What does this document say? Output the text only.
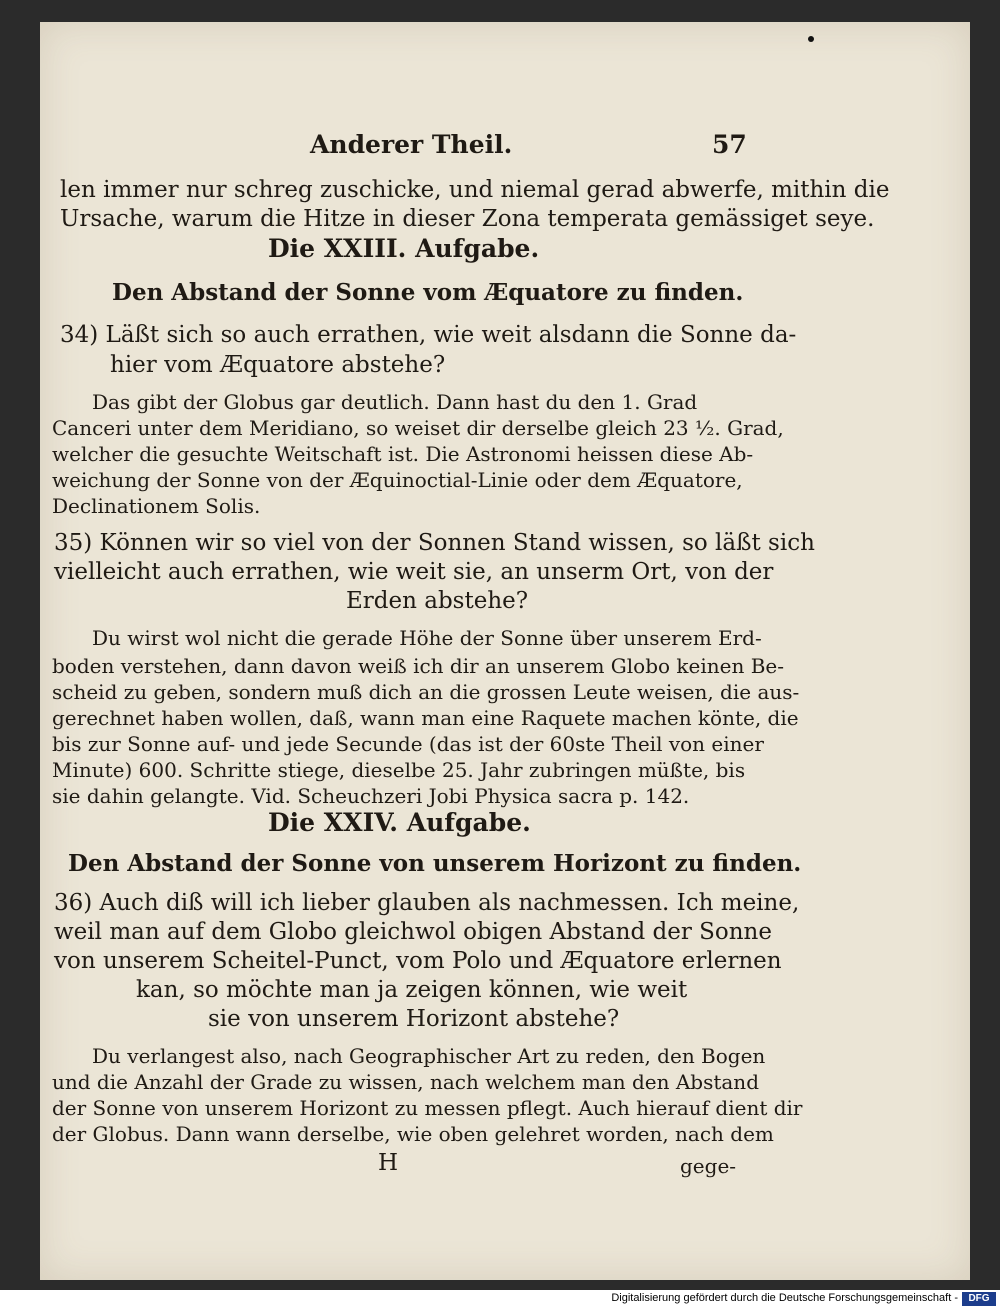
Anderer Theil.	57
len immer nur schreg zuschicke, und niemal gerad abwerfe, mithin die
Ursache, warum die Hitze in dieser Zona temperata gemässiget seye.
Die XXIII. Aufgabe.
Den Abstand der Sonne vom Æquatore zu finden.
34) Läßt sich so auch errathen, wie weit alsdann die Sonne da-
hier vom Æquatore abstehe?
Das gibt der Globus gar deutlich. Dann hast du den 1. Grad
Canceri unter dem Meridiano, so weiset dir derselbe gleich 23 ½. Grad,
welcher die gesuchte Weitschaft ist. Die Astronomi heissen diese Ab-
weichung der Sonne von der Æquinoctial-Linie oder dem Æquatore,
Declinationem Solis.
35) Können wir so viel von der Sonnen Stand wissen, so läßt sich
vielleicht auch errathen, wie weit sie, an unserm Ort, von der
Erden abstehe?
Du wirst wol nicht die gerade Höhe der Sonne über unserem Erd-
boden verstehen, dann davon weiß ich dir an unserem Globo keinen Be-
scheid zu geben, sondern muß dich an die grossen Leute weisen, die aus-
gerechnet haben wollen, daß, wann man eine Raquete machen könte, die
bis zur Sonne auf- und jede Secunde (das ist der 60ste Theil von einer
Minute) 600. Schritte stiege, dieselbe 25. Jahr zubringen müßte, bis
sie dahin gelangte. Vid. Scheuchzeri Jobi Physica sacra p. 142.
Die XXIV. Aufgabe.
Den Abstand der Sonne von unserem Horizont zu finden.
36) Auch diß will ich lieber glauben als nachmessen. Ich meine,
weil man auf dem Globo gleichwol obigen Abstand der Sonne
von unserem Scheitel-Punct, vom Polo und Æquatore erlernen
kan, so möchte man ja zeigen können, wie weit
sie von unserem Horizont abstehe?
Du verlangest also, nach Geographischer Art zu reden, den Bogen
und die Anzahl der Grade zu wissen, nach welchem man den Abstand
der Sonne von unserem Horizont zu messen pflegt. Auch hierauf dient dir
der Globus. Dann wann derselbe, wie oben gelehret worden, nach dem
H	gege-
Digitalisierung gefördert durch die Deutsche Forschungsgemeinschaft -	DFG
